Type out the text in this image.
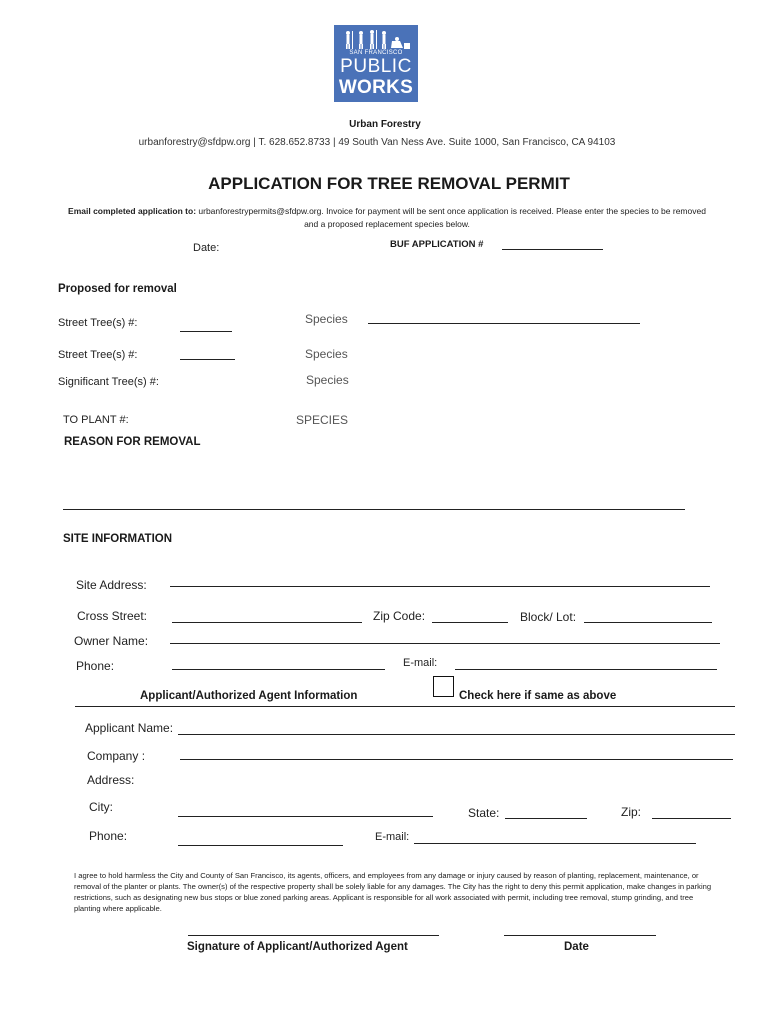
SAN FRANCISCO
PUBLIC
WORKS
Urban Forestry
urbanforestry@sfdpw.org | T. 628.652.8733 | 49 South Van Ness Ave. Suite 1000, San Francisco, CA 94103
APPLICATION FOR TREE REMOVAL PERMIT
Email completed application to: urbanforestrypermits@sfdpw.org. Invoice for payment will be sent once application is received. Please enter the species to be removed and a proposed replacement species below.
Date:	BUF APPLICATION #
Proposed for removal
Street Tree(s) #:	Species
Street Tree(s) #:	Species
Significant Tree(s) #:	Species
TO PLANT #:	SPECIES
REASON FOR REMOVAL
SITE INFORMATION
Site Address:
Cross Street:	Zip Code:	Block/ Lot:
Owner Name:
Phone:	E-mail:
Applicant/Authorized Agent Information	Check here if same as above
Applicant Name:
Company :
Address:
City:	State:	Zip:
Phone:	E-mail:
I agree to hold harmless the City and County of San Francisco, its agents, officers, and employees from any damage or injury caused by reason of planting, replacement, maintenance, or removal of the planter or plants. The owner(s) of the respective property shall be solely liable for any damages. The City has the right to deny this permit application, make changes in parking restrictions, such as designating new bus stops or blue zoned parking areas. Applicant is responsible for all work associated with permit, including tree removal, stump grinding, and tree planting where applicable.
Signature of Applicant/Authorized Agent	Date
